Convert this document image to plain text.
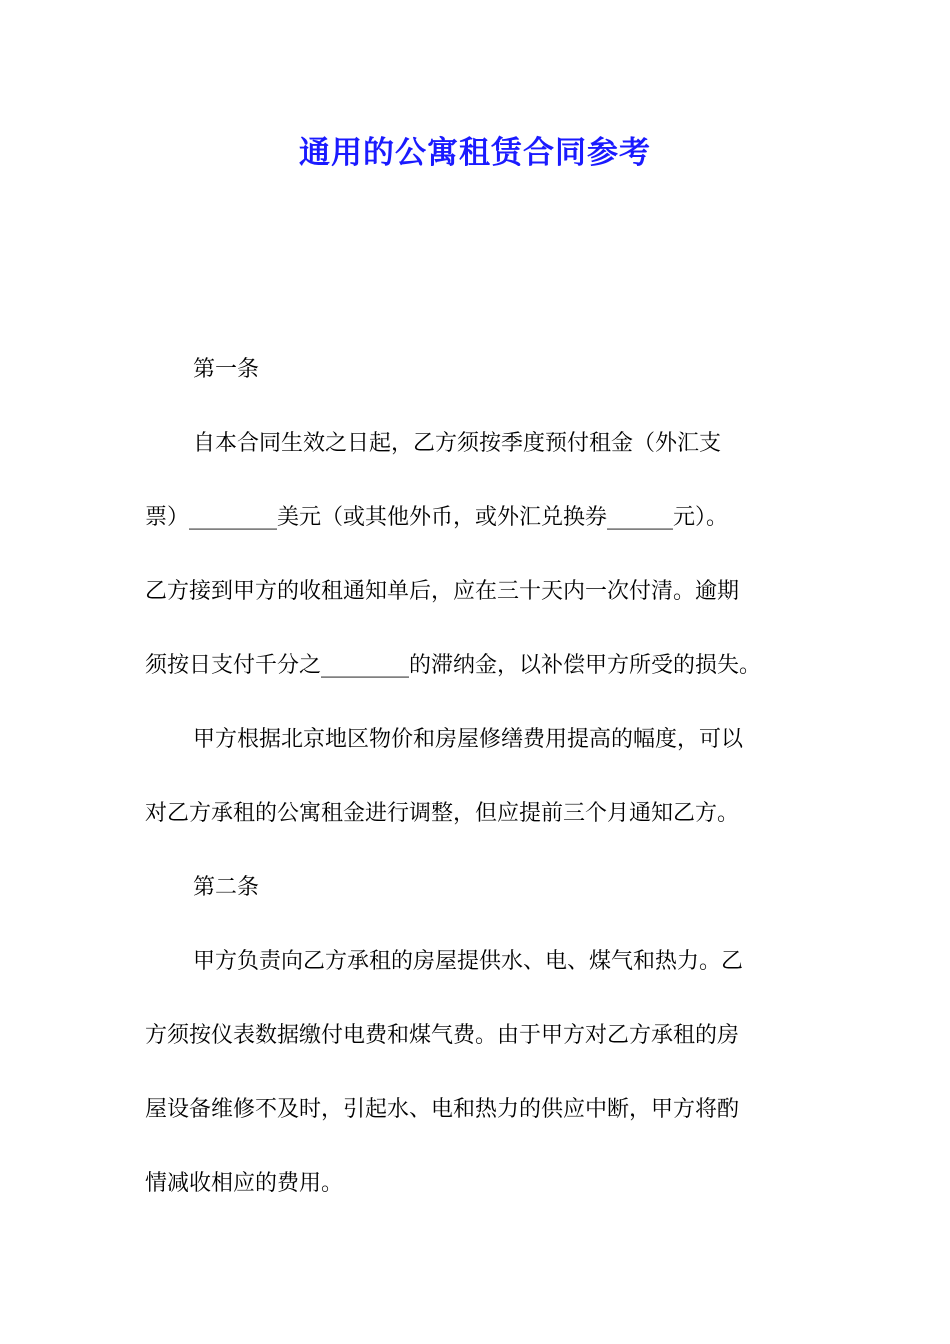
通用的公寓租赁合同参考

第一条

自本合同生效之日起，乙方须按季度预付租金（外汇支
票）________美元（或其他外币，或外汇兑换券______元）。
乙方接到甲方的收租通知单后，应在三十天内一次付清。逾期
须按日支付千分之________的滞纳金，以补偿甲方所受的损失。

甲方根据北京地区物价和房屋修缮费用提高的幅度，可以
对乙方承租的公寓租金进行调整，但应提前三个月通知乙方。

第二条

甲方负责向乙方承租的房屋提供水、电、煤气和热力。乙
方须按仪表数据缴付电费和煤气费。由于甲方对乙方承租的房
屋设备维修不及时，引起水、电和热力的供应中断，甲方将酌
情减收相应的费用。
